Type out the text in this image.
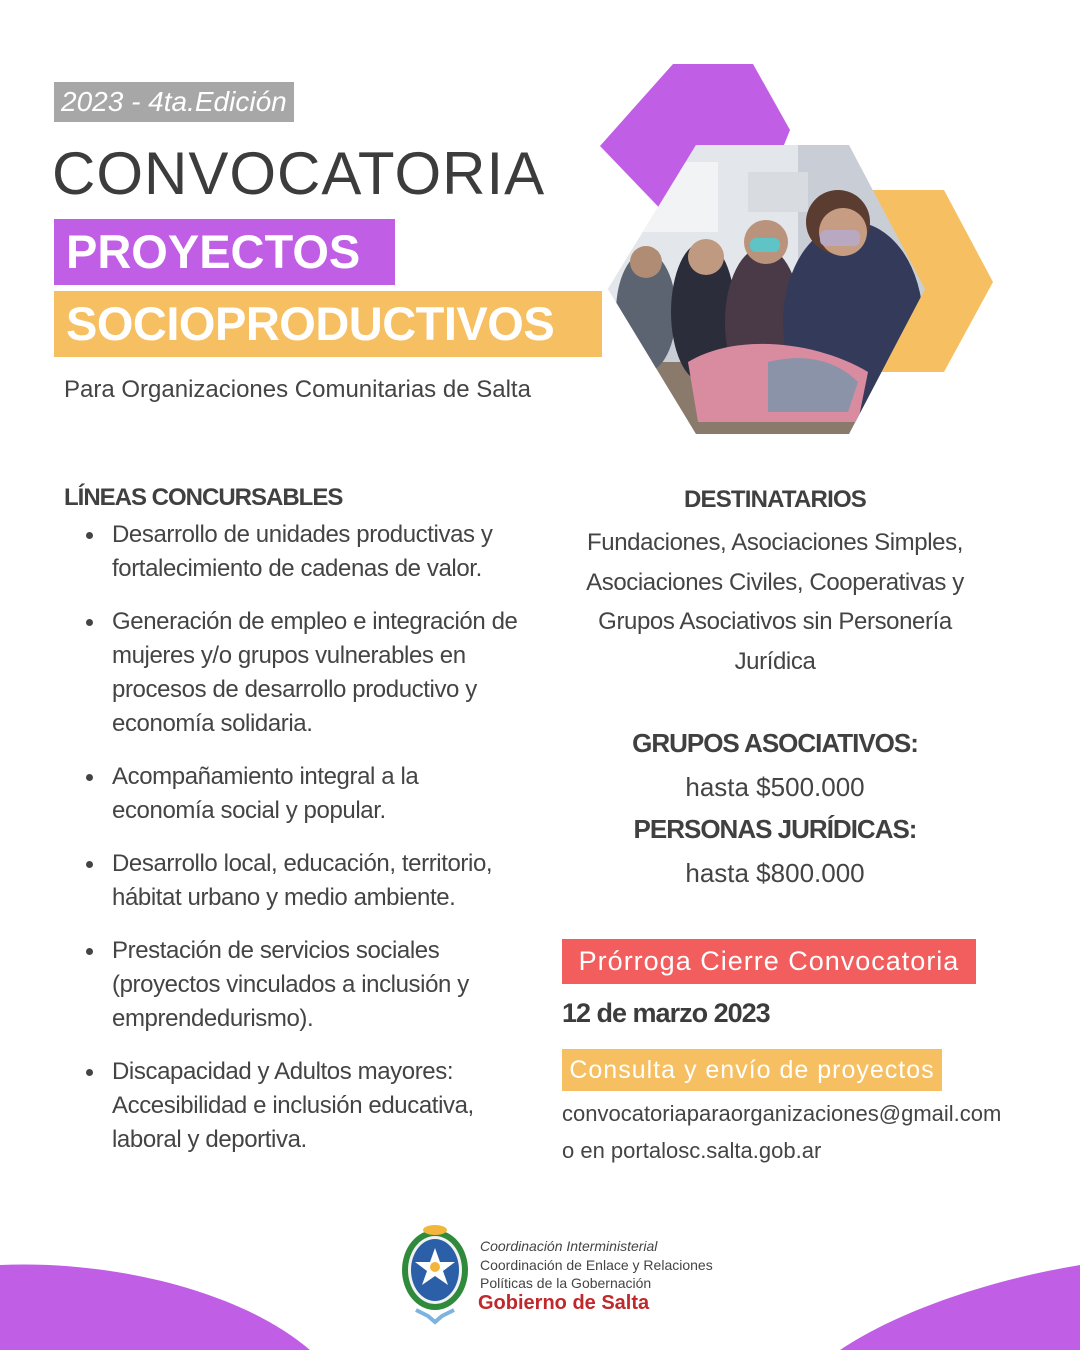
2023 - 4ta.Edición
CONVOCATORIA
PROYECTOS
SOCIOPRODUCTIVOS
Para Organizaciones Comunitarias de Salta
LÍNEAS CONCURSABLES
Desarrollo de unidades productivas y fortalecimiento de cadenas de valor.
Generación de empleo e integración de mujeres y/o grupos vulnerables en procesos de desarrollo productivo y economía solidaria.
Acompañamiento integral a la economía social y popular.
Desarrollo local, educación, territorio, hábitat urbano y medio ambiente.
Prestación de servicios sociales (proyectos vinculados a inclusión y emprendedurismo).
Discapacidad y Adultos mayores: Accesibilidad e inclusión educativa, laboral y deportiva.
DESTINATARIOS
Fundaciones, Asociaciones Simples, Asociaciones Civiles, Cooperativas y Grupos Asociativos sin Personería Jurídica
GRUPOS ASOCIATIVOS:
hasta $500.000
PERSONAS JURÍDICAS:
hasta $800.000
Prórroga Cierre Convocatoria
12 de marzo 2023
Consulta y envío de proyectos
convocatoriaparaorganizaciones@gmail.com
o en portalosc.salta.gob.ar
Coordinación Interministerial
Coordinación de Enlace y Relaciones
Políticas de la Gobernación
Gobierno de Salta
